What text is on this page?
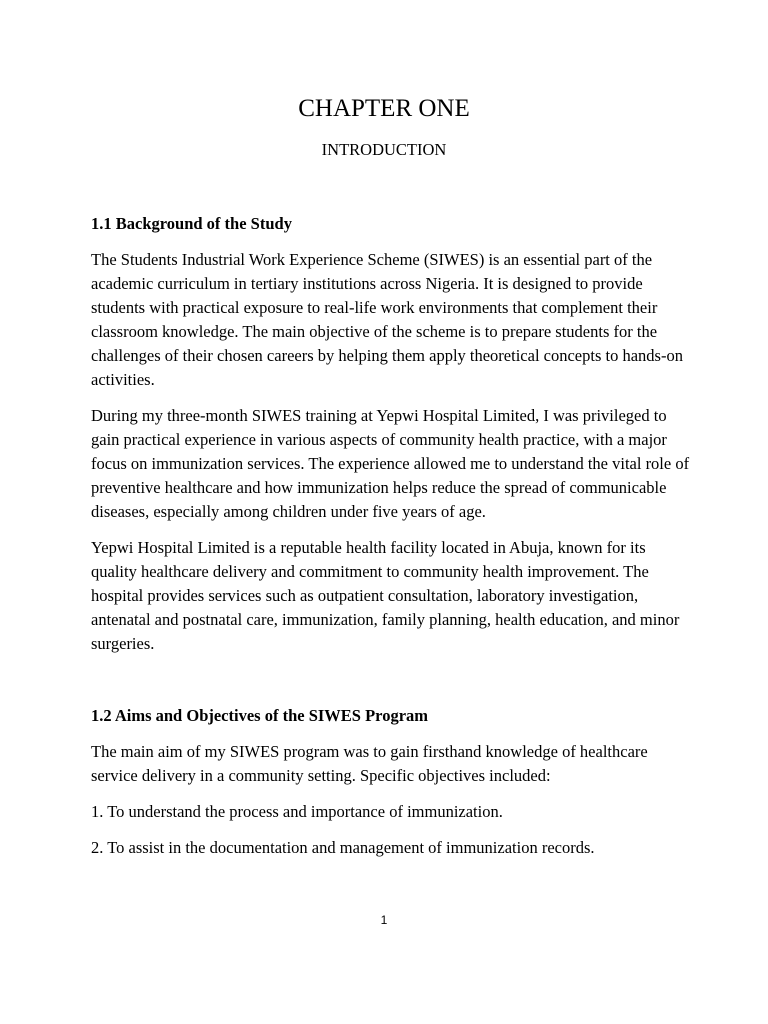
CHAPTER ONE
INTRODUCTION
1.1 Background of the Study

The Students Industrial Work Experience Scheme (SIWES) is an essential part of the academic curriculum in tertiary institutions across Nigeria. It is designed to provide students with practical exposure to real-life work environments that complement their classroom knowledge. The main objective of the scheme is to prepare students for the challenges of their chosen careers by helping them apply theoretical concepts to hands-on activities.

During my three-month SIWES training at Yepwi Hospital Limited, I was privileged to gain practical experience in various aspects of community health practice, with a major focus on immunization services. The experience allowed me to understand the vital role of preventive healthcare and how immunization helps reduce the spread of communicable diseases, especially among children under five years of age.

Yepwi Hospital Limited is a reputable health facility located in Abuja, known for its quality healthcare delivery and commitment to community health improvement. The hospital provides services such as outpatient consultation, laboratory investigation, antenatal and postnatal care, immunization, family planning, health education, and minor surgeries.

1.2 Aims and Objectives of the SIWES Program

The main aim of my SIWES program was to gain firsthand knowledge of healthcare service delivery in a community setting. Specific objectives included:

1. To understand the process and importance of immunization.

2. To assist in the documentation and management of immunization records.

1
